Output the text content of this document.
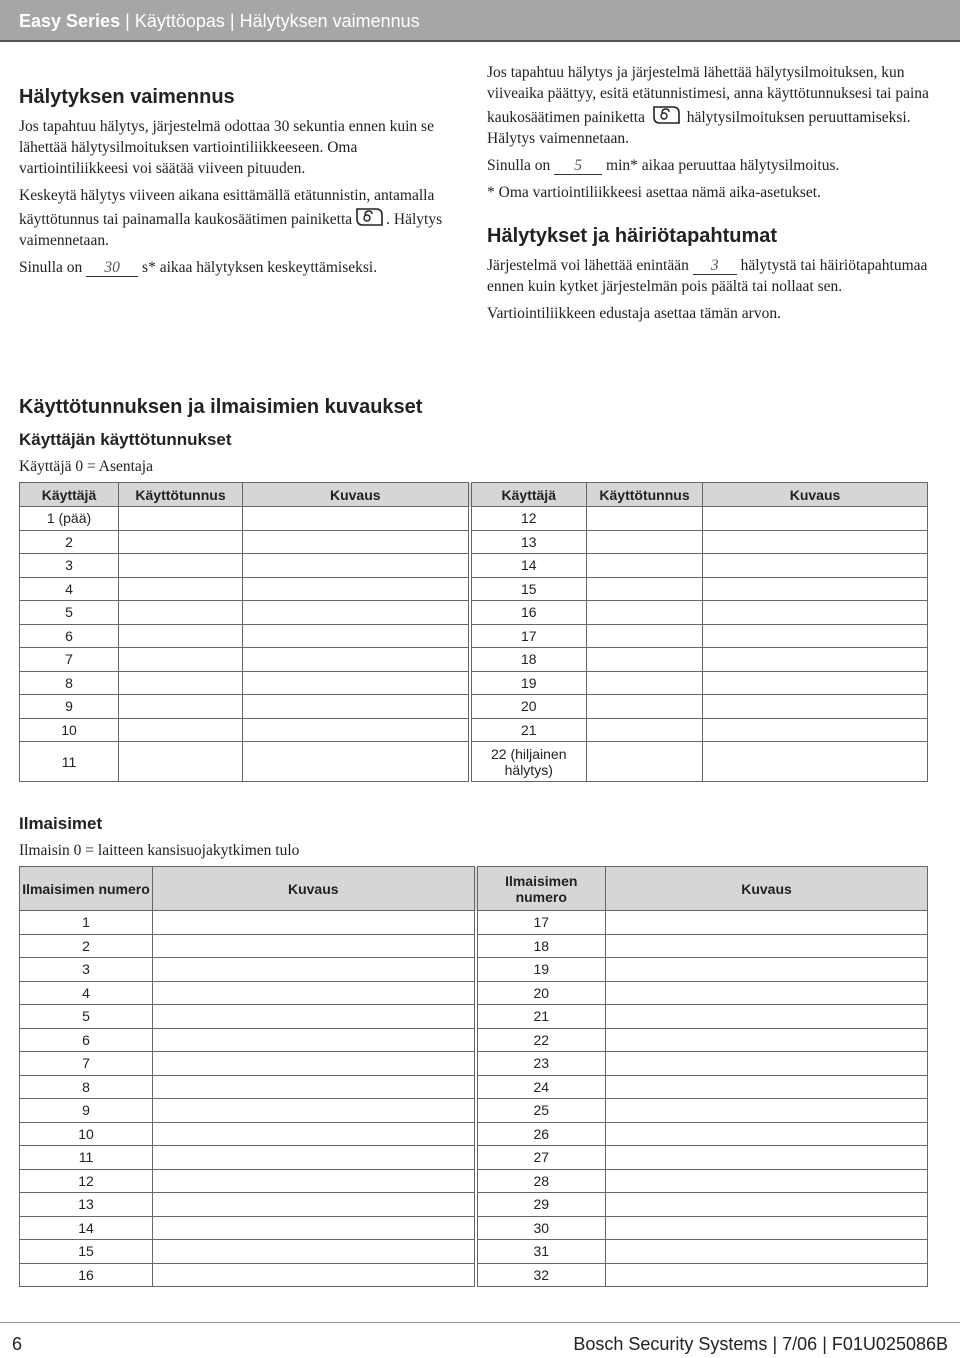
Easy Series | Käyttöopas | Hälytyksen vaimennus
Hälytyksen vaimennus

Jos tapahtuu hälytys, järjestelmä odottaa 30 sekuntia ennen kuin se lähettää hälytysilmoituksen vartiointiliikkeeseen. Oma vartiointiliikkeesi voi säätää viiveen pituuden.

Keskeytä hälytys viiveen aikana esittämällä etätunnistin, antamalla käyttötunnus tai painamalla kaukosäätimen painiketta . Hälytys vaimennetaan.

Sinulla on 30 s* aikaa hälytyksen keskeyttämiseksi.

Jos tapahtuu hälytys ja järjestelmä lähettää hälytysilmoituksen, kun viiveaika päättyy, esitä etätunnistimesi, anna käyttötunnuksesi tai paina kaukosäätimen painiketta	hälytysilmoituksen peruuttamiseksi. Hälytys vaimennetaan.

Sinulla on 5 min* aikaa peruuttaa hälytysilmoitus.

* Oma vartiointiliikkeesi asettaa nämä aika-asetukset.

Hälytykset ja häiriötapahtumat

Järjestelmä voi lähettää enintään 3 hälytystä tai häiriötapahtumaa ennen kuin kytket järjestelmän pois päältä tai nollaat sen.

Vartiointiliikkeen edustaja asettaa tämän arvon.

Käyttötunnuksen ja ilmaisimien kuvaukset
Käyttäjän käyttötunnukset
Käyttäjä 0 = Asentaja
Käyttäjä	Käyttötunnus	Kuvaus	Käyttäjä	Käyttötunnus	Kuvaus
1 (pää)			12		
2			13		
3			14		
4			15		
5			16		
6			17		
7			18		
8			19		
9			20		
10			21		
11			22 (hiljainen hälytys)		
Ilmaisimet
Ilmaisin 0 = laitteen kansisuojakytkimen tulo
Ilmaisimen numero	Kuvaus	Ilmaisimen numero	Kuvaus
1		17	
2		18	
3		19	
4		20	
5		21	
6		22	
7		23	
8		24	
9		25	
10		26	
11		27	
12		28	
13		29	
14		30	
15		31	
16		32	
6	Bosch Security Systems | 7/06 | F01U025086B
